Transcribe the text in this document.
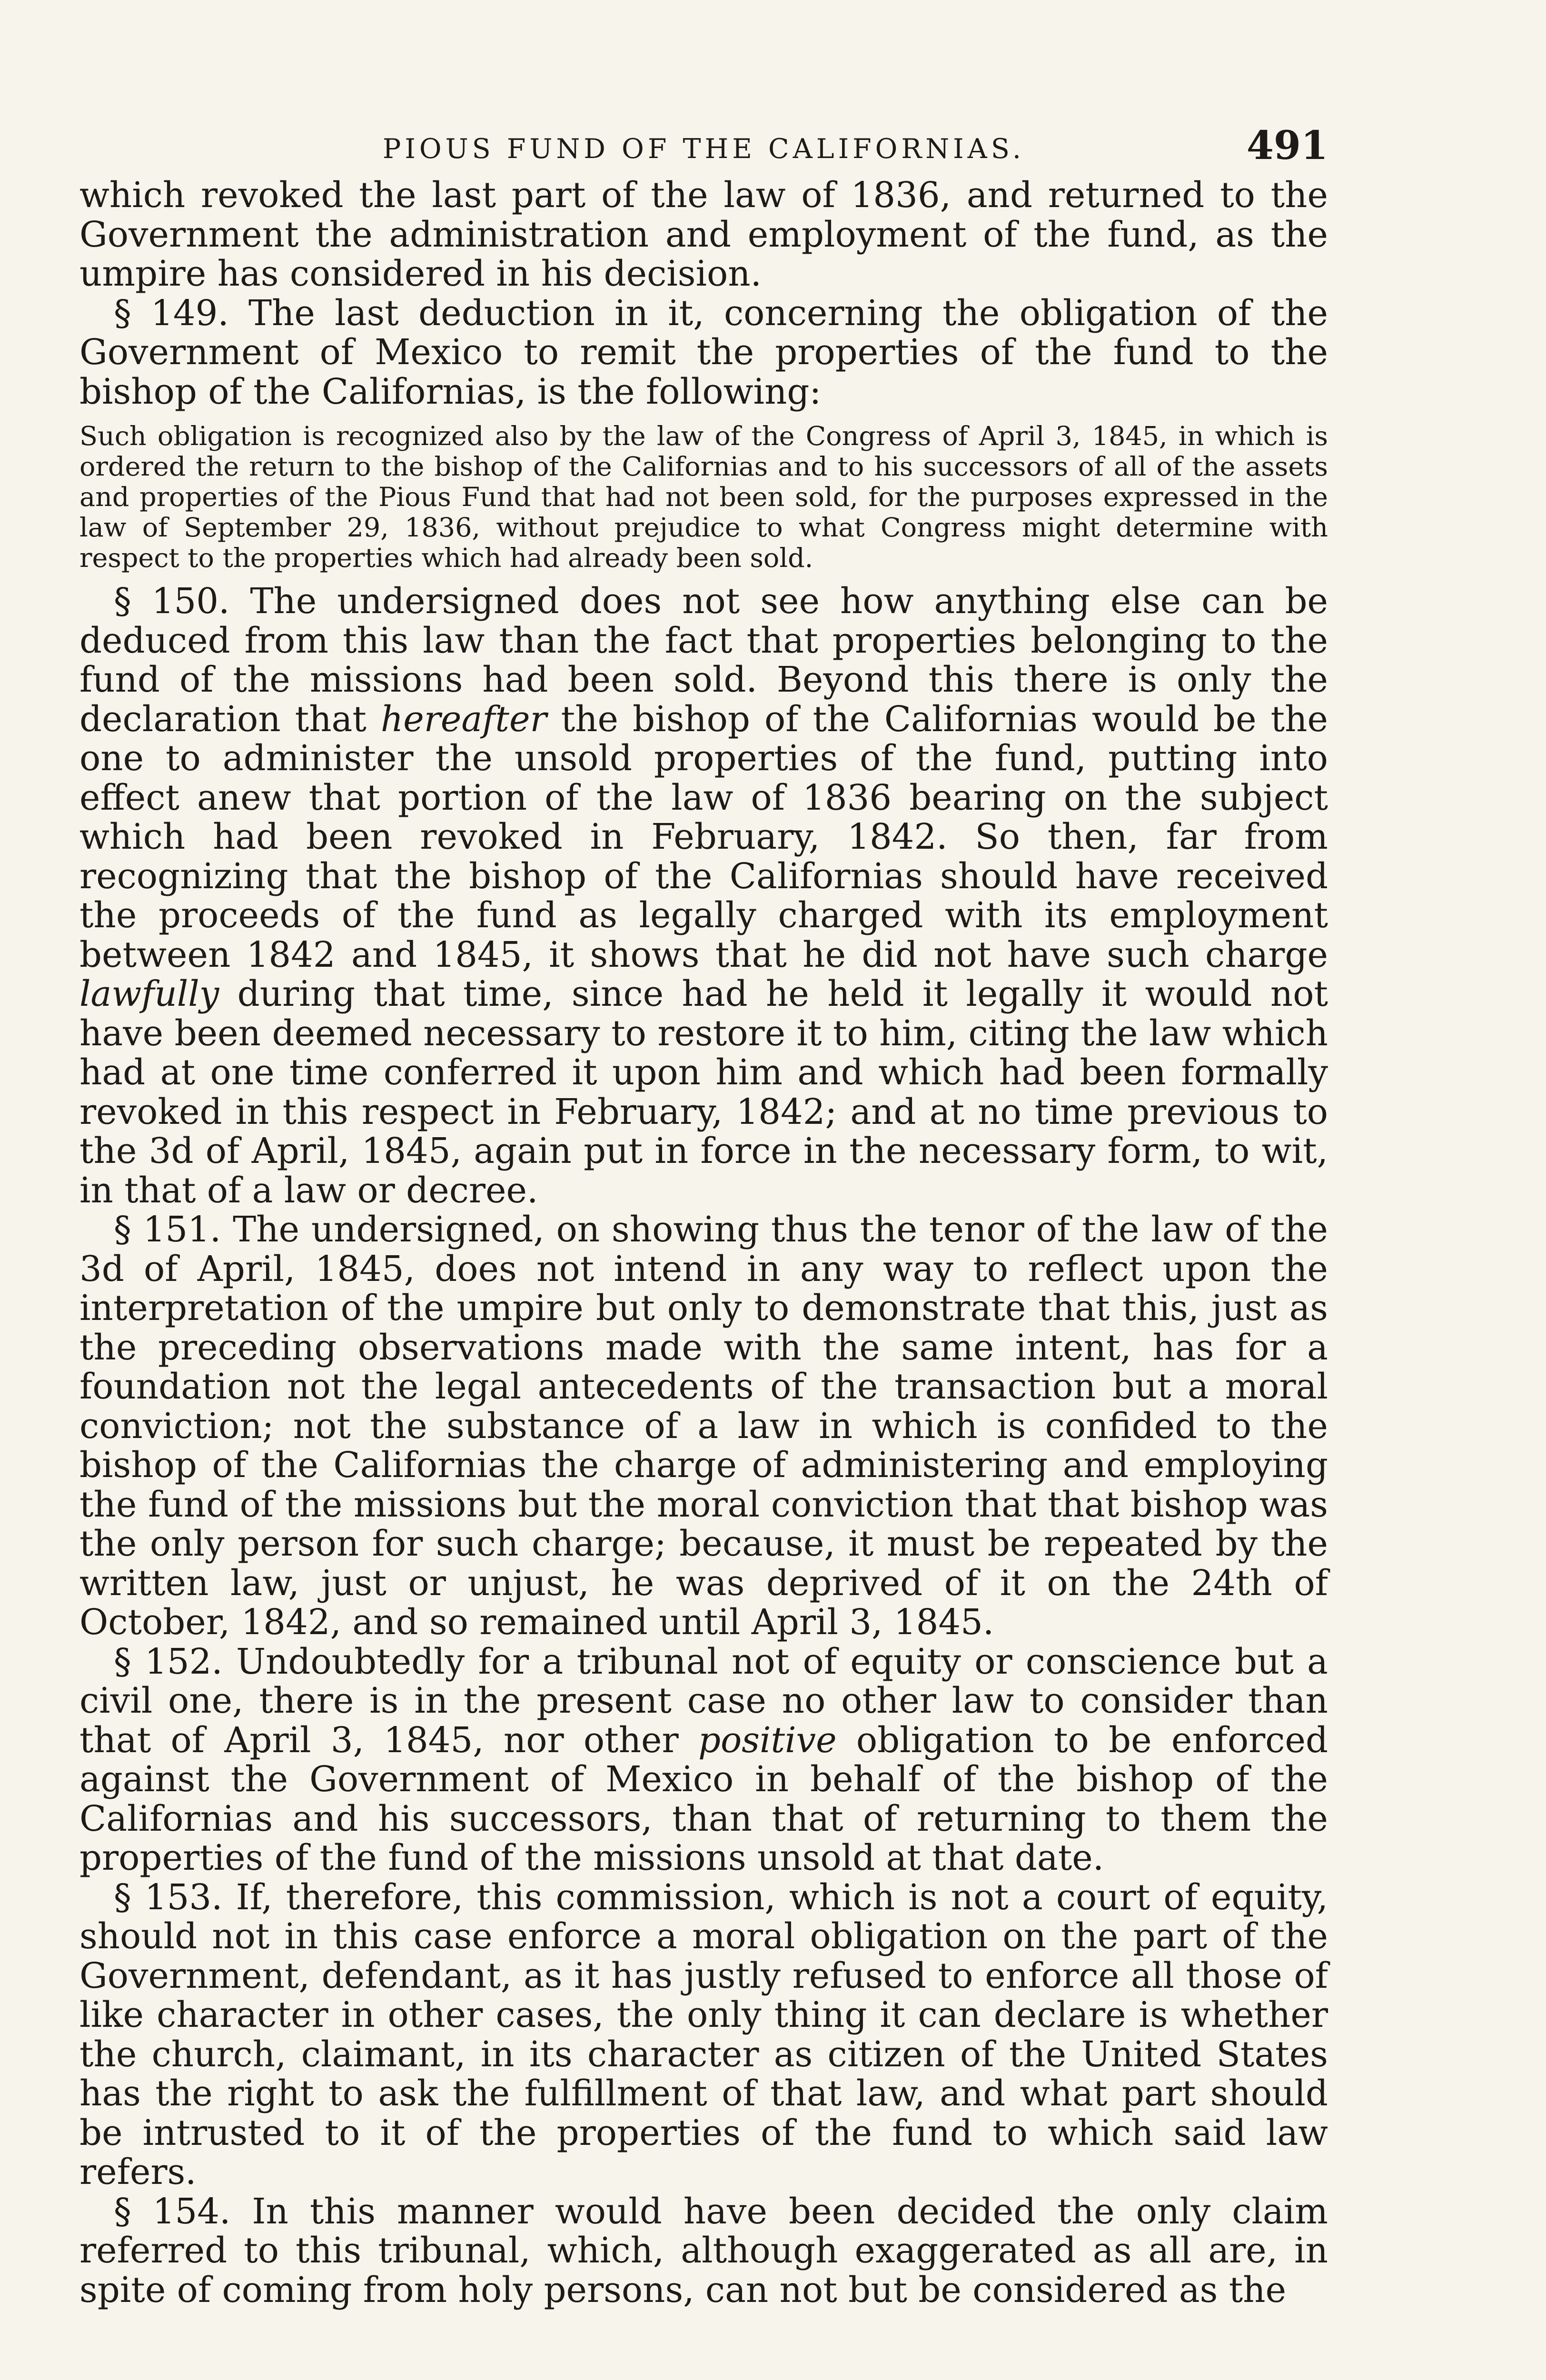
PIOUS FUND OF THE CALIFORNIAS.	491

which revoked the last part of the law of 1836, and returned to the Government the administration and employment of the fund, as the umpire has considered in his decision.

§ 149. The last deduction in it, concerning the obligation of the Government of Mexico to remit the properties of the fund to the bishop of the Californias, is the following:

Such obligation is recognized also by the law of the Congress of April 3, 1845, in which is ordered the return to the bishop of the Californias and to his successors of all of the assets and properties of the Pious Fund that had not been sold, for the purposes expressed in the law of September 29, 1836, without prejudice to what Congress might determine with respect to the properties which had already been sold.

§ 150. The undersigned does not see how anything else can be deduced from this law than the fact that properties belonging to the fund of the missions had been sold. Beyond this there is only the declaration that hereafter the bishop of the Californias would be the one to administer the unsold properties of the fund, putting into effect anew that portion of the law of 1836 bearing on the subject which had been revoked in February, 1842. So then, far from recognizing that the bishop of the Californias should have received the proceeds of the fund as legally charged with its employment between 1842 and 1845, it shows that he did not have such charge lawfully during that time, since had he held it legally it would not have been deemed necessary to restore it to him, citing the law which had at one time conferred it upon him and which had been formally revoked in this respect in February, 1842; and at no time previous to the 3d of April, 1845, again put in force in the necessary form, to wit, in that of a law or decree.

§ 151. The undersigned, on showing thus the tenor of the law of the 3d of April, 1845, does not intend in any way to reflect upon the interpretation of the umpire but only to demonstrate that this, just as the preceding observations made with the same intent, has for a foundation not the legal antecedents of the transaction but a moral conviction; not the substance of a law in which is confided to the bishop of the Californias the charge of administering and employing the fund of the missions but the moral conviction that that bishop was the only person for such charge; because, it must be repeated by the written law, just or unjust, he was deprived of it on the 24th of October, 1842, and so remained until April 3, 1845.

§ 152. Undoubtedly for a tribunal not of equity or conscience but a civil one, there is in the present case no other law to consider than that of April 3, 1845, nor other positive obligation to be enforced against the Government of Mexico in behalf of the bishop of the Californias and his successors, than that of returning to them the properties of the fund of the missions unsold at that date.

§ 153. If, therefore, this commission, which is not a court of equity, should not in this case enforce a moral obligation on the part of the Government, defendant, as it has justly refused to enforce all those of like character in other cases, the only thing it can declare is whether the church, claimant, in its character as citizen of the United States has the right to ask the fulfillment of that law, and what part should be intrusted to it of the properties of the fund to which said law refers.

§ 154. In this manner would have been decided the only claim referred to this tribunal, which, although exaggerated as all are, in spite of coming from holy persons, can not but be considered as the
